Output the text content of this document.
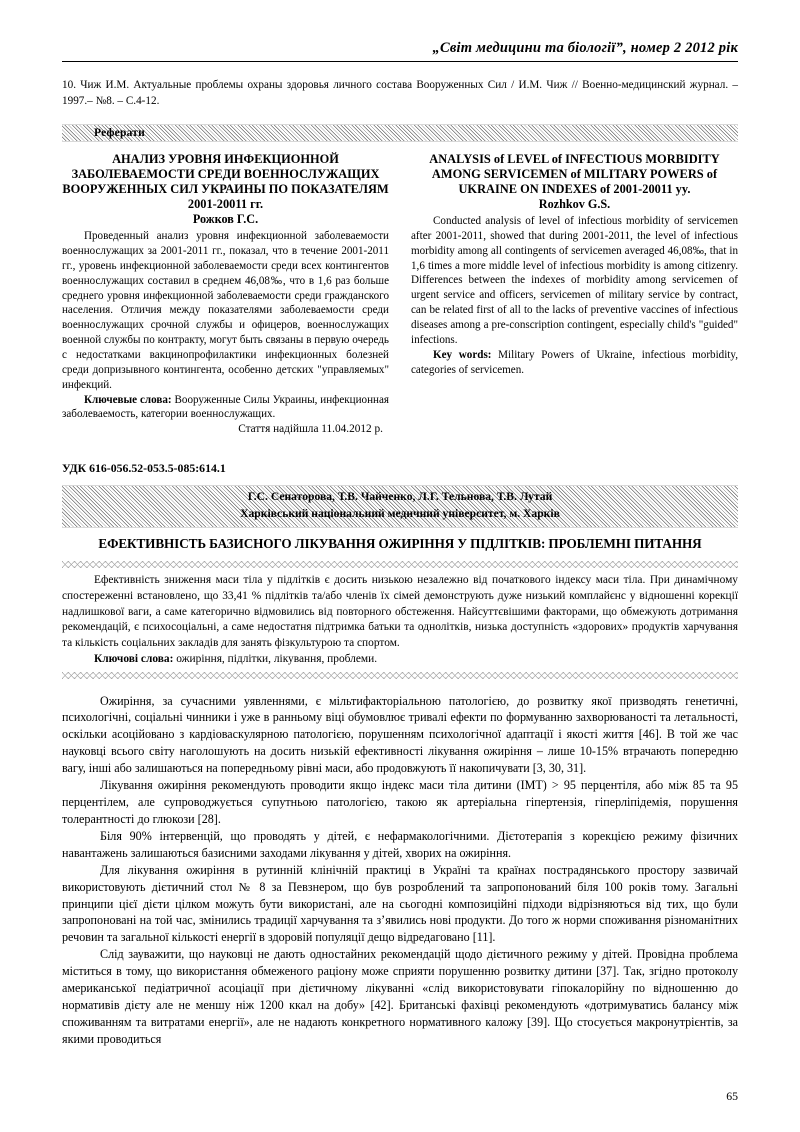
„Світ медицини та біології”, номер 2 2012 рік
10. Чиж И.М. Актуальные проблемы охраны здоровья личного состава Вооруженных Сил / И.М. Чиж // Военно-медицинский журнал. – 1997.– №8. – С.4-12.
Реферати
АНАЛИЗ УРОВНЯ ИНФЕКЦИОННОЙ ЗАБОЛЕВАЕМОСТИ СРЕДИ ВОЕННОСЛУЖАЩИХ ВООРУЖЕННЫХ СИЛ УКРАИНЫ ПО ПОКАЗАТЕЛЯМ 2001-20011 гг.
Рожков Г.С.
Проведенный анализ уровня инфекционной заболеваемости военнослужащих за 2001-2011 гг., показал, что в течение 2001-2011 гг., уровень инфекционной заболеваемости среди всех контингентов военнослужащих составил в среднем 46,08‰, что в 1,6 раз больше среднего уровня инфекционной заболеваемости среди гражданского населения. Отличия между показателями заболеваемости среди военнослужащих срочной службы и офицеров, военнослужащих военной службы по контракту, могут быть связаны в первую очередь с недостатками вакцинопрофилактики инфекционных болезней среди допризывного контингента, особенно детских "управляемых" инфекций.
Ключевые слова: Вооруженные Силы Украины, инфекционная заболеваемость, категории военнослужащих.
Стаття надійшла 11.04.2012 р.
ANALYSIS of LEVEL of INFECTIOUS MORBIDITY AMONG SERVICEMEN of MILITARY POWERS of UKRAINE ON INDEXES of 2001-20011 yy.
Rozhkov G.S.
Conducted analysis of level of infectious morbidity of servicemen after 2001-2011, showed that during 2001-2011, the level of infectious morbidity among all contingents of servicemen averaged 46,08‰, that in 1,6 times a more middle level of infectious morbidity is among citizenry. Differences between the indexes of morbidity among servicemen of urgent service and officers, servicemen of military service by contract, can be related first of all to the lacks of preventive vaccines of infectious diseases among a pre-conscription contingent, especially child's "guided" infections.
Key words: Military Powers of Ukraine, infectious morbidity, categories of servicemen.
УДК 616-056.52-053.5-085:614.1
Г.С. Сенаторова, Т.В. Чайченко, Л.Г. Тельнова, Т.В. Лутай
Харківський національний медичний університет, м. Харків
ЕФЕКТИВНІСТЬ БАЗИСНОГО ЛІКУВАННЯ ОЖИРІННЯ У ПІДЛІТКІВ: ПРОБЛЕМНІ ПИТАННЯ

Ефективність зниження маси тіла у підлітків є досить низькою незалежно від початкового індексу маси тіла. При динамічному спостереженні встановлено, що 33,41 % підлітків та/або членів їх сімей демонструють дуже низький комплайєнс у відношенні корекції надлишкової ваги, а саме категорично відмовились від повторного обстеження. Найсуттєвішими факторами, що обмежують дотримання рекомендацій, є психосоціальні, а саме недостатня підтримка батьки та однолітків, низька доступність «здорових» продуктів харчування та кількість соціальних закладів для занять фізкультурою та спортом.

Ключові слова: ожиріння, підлітки, лікування, проблеми.

Ожиріння, за сучасними уявленнями, є мільтифакторіальною патологією, до розвитку якої призводять генетичні, психологічні, соціальні чинники і уже в ранньому віці обумовлює тривалі ефекти по формуванню захворюваності та летальності, оскільки асоційовано з кардіоваскулярною патологією, порушенням психологічної адаптації і якості життя [46]. В той же час науковці всього світу наголошують на досить низькій ефективності лікування ожиріння – лише 10-15% втрачають попередню вагу, інші або залишаються на попередньому рівні маси, або продовжують її накопичувати [3, 30, 31].

Лікування ожиріння рекомендують проводити якщо індекс маси тіла дитини (ІМТ) > 95 перцентіля, або між 85 та 95 перцентілем, але супроводжується супутньою патологією, такою як артеріальна гіпертензія, гіперліпідемія, порушення толерантності до глюкози [28].

Біля 90% інтервенцій, що проводять у дітей, є нефармакологічними. Дієтотерапія з корекцією режиму фізичних навантажень залишаються базисними заходами лікування у дітей, хворих на ожиріння.

Для лікування ожиріння в рутинній клінічній практиці в Україні та країнах пострадянського простору зазвичай використовують дієтичний стол № 8 за Певзнером, що був розроблений та запропонований біля 100 років тому. Загальні принципи цієї дієти цілком можуть бути використані, але на сьогодні композиційні підходи відрізняються від тих, що були запропоновані на той час, змінились традиції харчування та з’явились нові продукти. До того ж норми споживання різноманітних речовин та загальної кількості енергії в здоровій популяції дещо відредаговано [11].

Слід зауважити, що науковці не дають одностайних рекомендацій щодо дієтичного режиму у дітей. Провідна проблема міститься в тому, що використання обмеженого раціону може сприяти порушенню розвитку дитини [37]. Так, згідно протоколу американської педіатричної асоціації при дієтичному лікуванні «слід використовувати гіпокалорійну по відношенню до нормативів дієту але не меншу ніж 1200 ккал на добу» [42]. Британські фахівці рекомендують «дотримуватись балансу між споживанням та витратами енергії», але не надають конкретного нормативного каложу [39]. Що стосується макронутрієнтів, за якими проводиться

65
